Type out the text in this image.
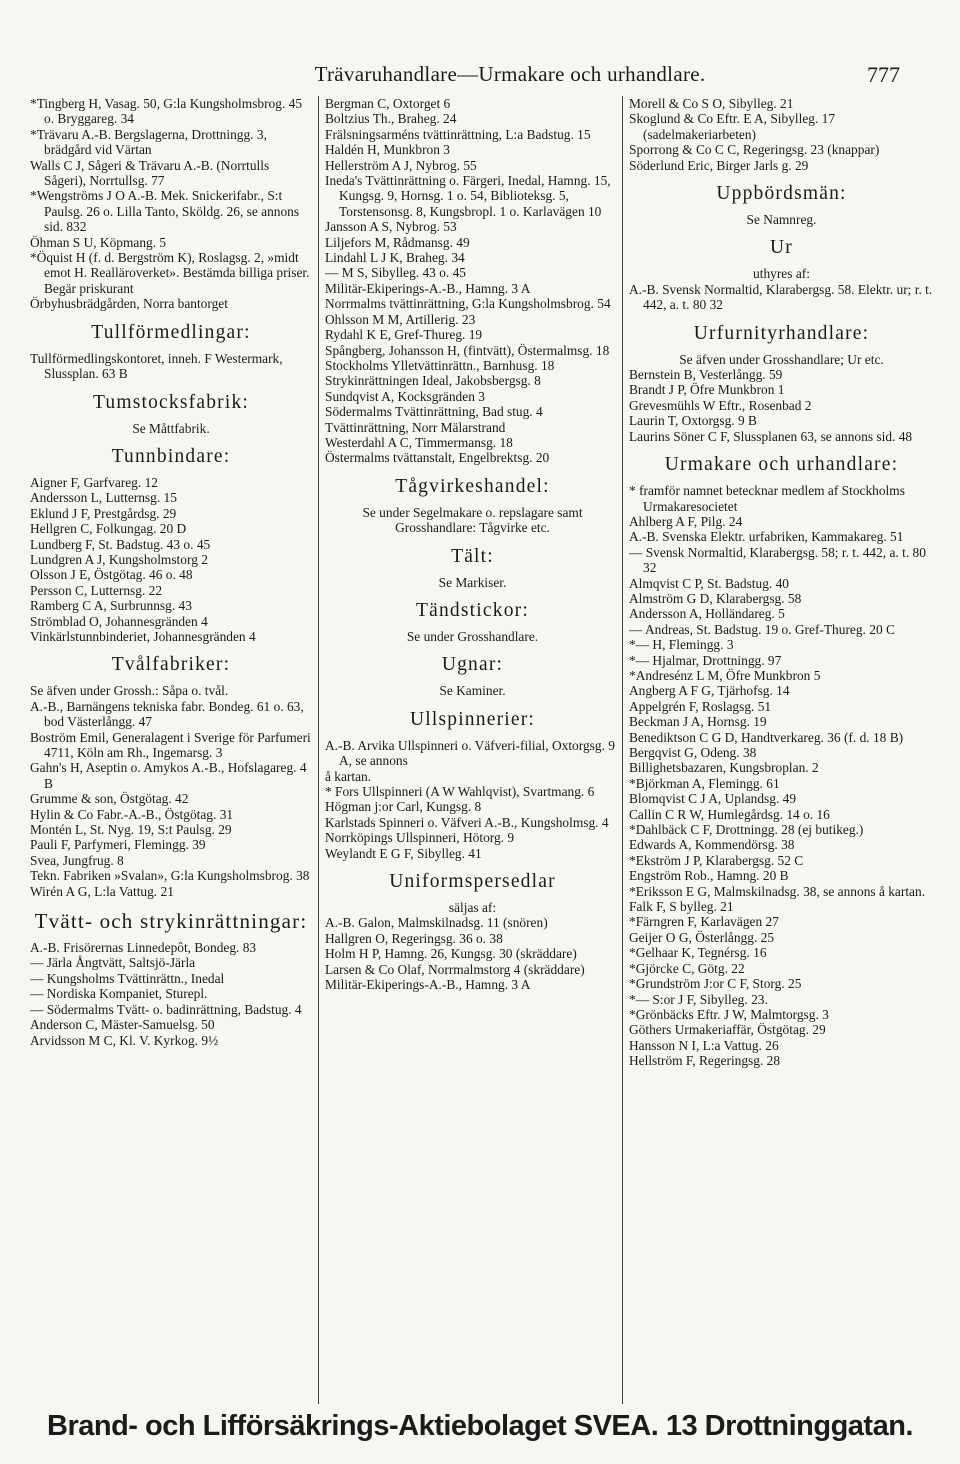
Trävaruhandlare—Urmakare och urhandlare.	777

*Tingberg H, Vasag. 50, G:la Kungsholmsbrog. 45 o. Bryggareg. 34

*Trävaru A.-B. Bergslagerna, Drottningg. 3, brädgård vid Värtan

Walls C J, Sågeri & Trävaru A.-B. (Norrtulls Sågeri), Norrtullsg. 77

*Wengströms J O A.-B. Mek. Snickerifabr., S:t Paulsg. 26 o. Lilla Tanto, Sköldg. 26, se annons sid. 832

Öhman S U, Köpmang. 5

*Öquist H (f. d. Bergström K), Roslagsg. 2, »midt emot H. Realläroverket». Bestämda billiga priser. Begär priskurant

Örbyhusbrädgården, Norra bantorget

Tullförmedlingar:

Tullförmedlingskontoret, inneh. F Westermark, Slussplan. 63 B

Tumstocksfabrik:

Se Måttfabrik.

Tunnbindare:

Aigner F, Garfvareg. 12

Andersson L, Lutternsg. 15

Eklund J F, Prestgårdsg. 29

Hellgren C, Folkungag. 20 D

Lundberg F, St. Badstug. 43 o. 45

Lundgren A J, Kungsholmstorg 2

Olsson J E, Östgötag. 46 o. 48

Persson C, Lutternsg. 22

Ramberg C A, Surbrunnsg. 43

Strömblad O, Johannesgränden 4

Vinkärlstunnbinderiet, Johannesgränden 4

Tvålfabriker:

Se äfven under Grossh.: Såpa o. tvål.

A.-B., Barnängens tekniska fabr. Bondeg. 61 o. 63, bod Västerlångg. 47

Boström Emil, Generalagent i Sverige för Parfumeri 4711, Köln am Rh., Ingemarsg. 3

Gahn's H, Aseptin o. Amykos A.-B., Hofslagareg. 4 B

Grumme & son, Östgötag. 42

Hylin & Co Fabr.-A.-B., Östgötag. 31

Montén L, St. Nyg. 19, S:t Paulsg. 29

Pauli F, Parfymeri, Flemingg. 39

Svea, Jungfrug. 8

Tekn. Fabriken »Svalan», G:la Kungsholmsbrog. 38

Wirén A G, L:la Vattug. 21

Tvätt- och strykinrättningar:

A.-B. Frisörernas Linnedepôt, Bondeg. 83

— Järla Ångtvätt, Saltsjö-Järla

— Kungsholms Tvättinrättn., Inedal

— Nordiska Kompaniet, Sturepl.

— Södermalms Tvätt- o. badinrättning, Badstug. 4

Anderson C, Mäster-Samuelsg. 50

Arvidsson M C, Kl. V. Kyrkog. 9½

Bergman C, Oxtorget 6

Boltzius Th., Braheg. 24

Frälsningsarméns tvättinrättning, L:a Badstug. 15

Haldén H, Munkbron 3

Hellerström A J, Nybrog. 55

Ineda's Tvättinrättning o. Färgeri, Inedal, Hamng. 15, Kungsg. 9, Hornsg. 1 o. 54, Biblioteksg. 5, Torstensonsg. 8, Kungsbropl. 1 o. Karlavägen 10

Jansson A S, Nybrog. 53

Liljefors M, Rådmansg. 49

Lindahl L J K, Braheg. 34

— M S, Sibylleg. 43 o. 45

Militär-Ekiperings-A.-B., Hamng. 3 A

Norrmalms tvättinrättning, G:la Kungsholmsbrog. 54

Ohlsson M M, Artillerig. 23

Rydahl K E, Gref-Thureg. 19

Spångberg, Johansson H, (fintvätt), Östermalmsg. 18

Stockholms Ylletvättinrättn., Barnhusg. 18

Strykinrättningen Ideal, Jakobsbergsg. 8

Sundqvist A, Kocksgränden 3

Södermalms Tvättinrättning, Bad stug. 4

Tvättinrättning, Norr Mälarstrand

Westerdahl A C, Timmermansg. 18

Östermalms tvättanstalt, Engelbrektsg. 20

Tågvirkeshandel:

Se under Segelmakare o. repslagare samt Grosshandlare: Tågvirke etc.

Tält:

Se Markiser.

Tändstickor:

Se under Grosshandlare.

Ugnar:

Se Kaminer.

Ullspinnerier:

A.-B. Arvika Ullspinneri o. Väfveri-filial, Oxtorgsg. 9 A, se annons

å kartan.

* Fors Ullspinneri (A W Wahlqvist), Svartmang. 6

Högman j:or Carl, Kungsg. 8

Karlstads Spinneri o. Väfveri A.-B., Kungsholmsg. 4

Norrköpings Ullspinneri, Hötorg. 9

Weylandt E G F, Sibylleg. 41

Uniformspersedlar

säljas af:

A.-B. Galon, Malmskilnadsg. 11 (snören)

Hallgren O, Regeringsg. 36 o. 38

Holm H P, Hamng. 26, Kungsg. 30 (skräddare)

Larsen & Co Olaf, Norrmalmstorg 4 (skräddare)

Militär-Ekiperings-A.-B., Hamng. 3 A

Morell & Co S O, Sibylleg. 21

Skoglund & Co Eftr. E A, Sibylleg. 17 (sadelmakeriarbeten)

Sporrong & Co C C, Regeringsg. 23 (knappar)

Söderlund Eric, Birger Jarls g. 29

Uppbördsmän:

Se Namnreg.

Ur

uthyres af:

A.-B. Svensk Normaltid, Klarabergsg. 58. Elektr. ur; r. t. 442, a. t. 80 32

Urfurnityrhandlare:

Se äfven under Grosshandlare; Ur etc.

Bernstein B, Vesterlångg. 59

Brandt J P, Öfre Munkbron 1

Grevesmühls W Eftr., Rosenbad 2

Laurin T, Oxtorgsg. 9 B

Laurins Söner C F, Slussplanen 63, se annons sid. 48

Urmakare och urhandlare:

* framför namnet betecknar medlem af Stockholms Urmakaresocietet

Ahlberg A F, Pilg. 24

A.-B. Svenska Elektr. urfabriken, Kammakareg. 51

— Svensk Normaltid, Klarabergsg. 58; r. t. 442, a. t. 80 32

Almqvist C P, St. Badstug. 40

Almström G D, Klarabergsg. 58

Andersson A, Holländareg. 5

— Andreas, St. Badstug. 19 o. Gref-Thureg. 20 C

*— H, Flemingg. 3

*— Hjalmar, Drottningg. 97

*Andresénz L M, Öfre Munkbron 5

Angberg A F G, Tjärhofsg. 14

Appelgrén F, Roslagsg. 51

Beckman J A, Hornsg. 19

Benediktson C G D, Handtverkareg. 36 (f. d. 18 B)

Bergqvist G, Odeng. 38

Billighetsbazaren, Kungsbroplan. 2

*Björkman A, Flemingg. 61

Blomqvist C J A, Uplandsg. 49

Callin C R W, Humlegårdsg. 14 o. 16

*Dahlbäck C F, Drottningg. 28 (ej butikeg.)

Edwards A, Kommendörsg. 38

*Ekström J P, Klarabergsg. 52 C

Engström Rob., Hamng. 20 B

*Eriksson E G, Malmskilnadsg. 38, se annons å kartan.

Falk F, S bylleg. 21

*Färngren F, Karlavägen 27

Geijer O G, Österlångg. 25

*Gelhaar K, Tegnérsg. 16

*Gjörcke C, Götg. 22

*Grundström J:or C F, Storg. 25

*— S:or J F, Sibylleg. 23.

*Grönbäcks Eftr. J W, Malmtorgsg. 3

Göthers Urmakeriaffär, Östgötag. 29

Hansson N I, L:a Vattug. 26

Hellström F, Regeringsg. 28

Brand- och Lifförsäkrings-Aktiebolaget SVEA. 13 Drottninggatan.
